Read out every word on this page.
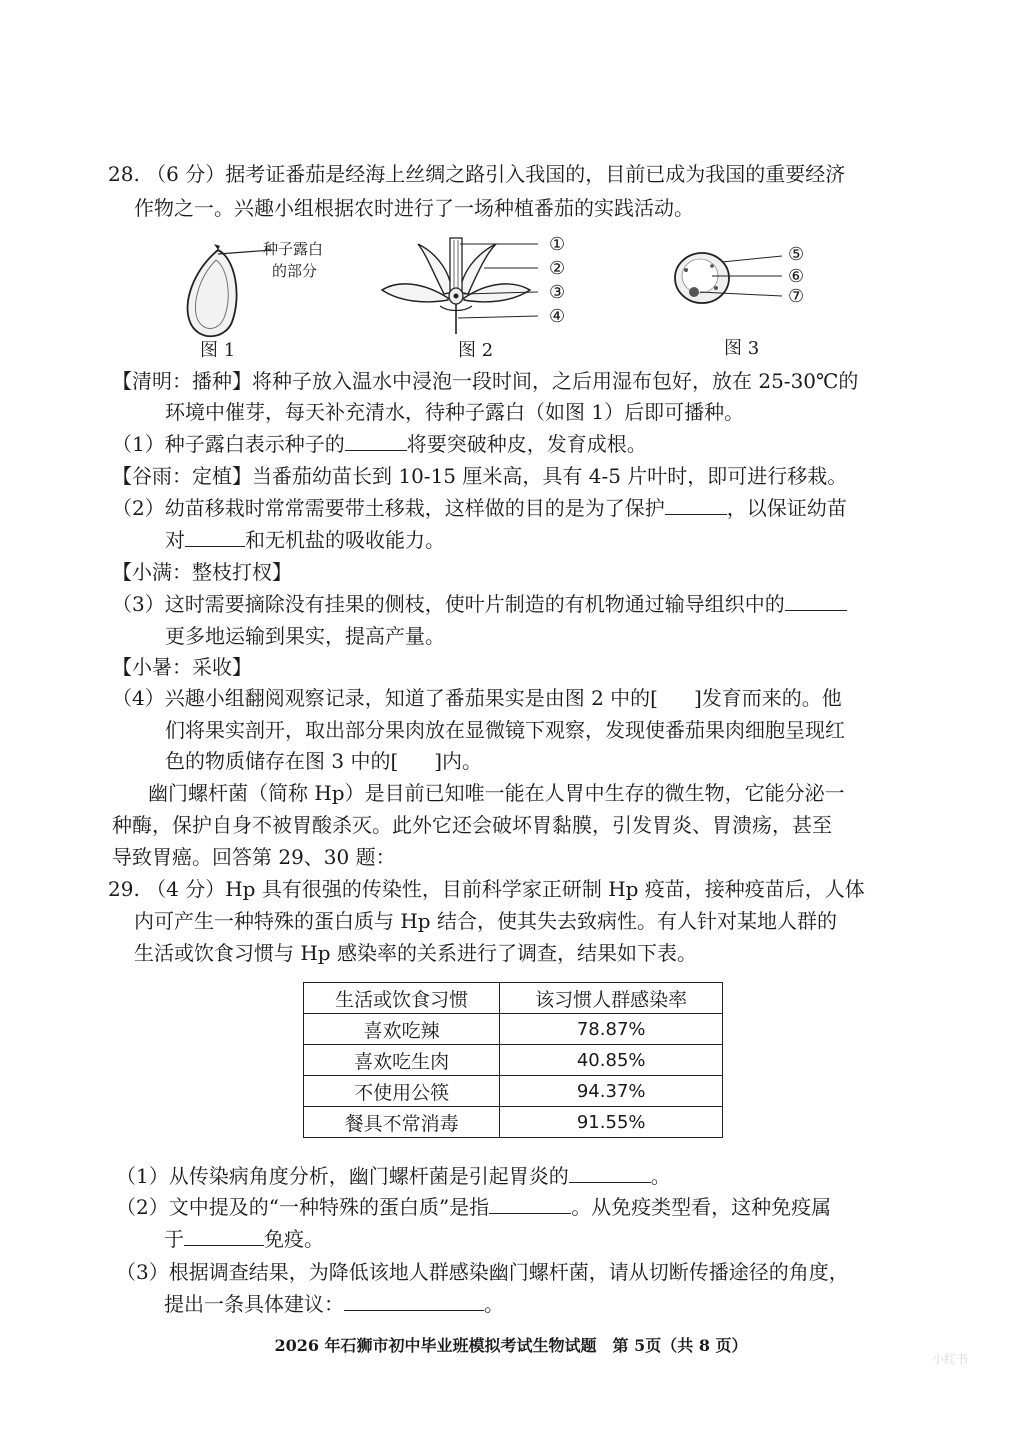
28. （6 分）据考证番茄是经海上丝绸之路引入我国的，目前已成为我国的重要经济
作物之一。兴趣小组根据农时进行了一场种植番茄的实践活动。
种子露白
的部分
图 1
①
②
③
④
图 2
⑤
⑥
⑦
图 3
【清明：播种】将种子放入温水中浸泡一段时间，之后用湿布包好，放在 25-30℃的
环境中催芽，每天补充清水，待种子露白（如图 1）后即可播种。
（1）种子露白表示种子的	将要突破种皮，发育成根。
【谷雨：定植】当番茄幼苗长到 10-15 厘米高，具有 4-5 片叶时，即可进行移栽。
（2）幼苗移栽时常常需要带土移栽，这样做的目的是为了保护	，以保证幼苗
对	和无机盐的吸收能力。
【小满：整枝打杈】
（3）这时需要摘除没有挂果的侧枝，使叶片制造的有机物通过输导组织中的
更多地运输到果实，提高产量。
【小暑：采收】
（4）兴趣小组翻阅观察记录，知道了番茄果实是由图 2 中的[ ]发育而来的。他
们将果实剖开，取出部分果肉放在显微镜下观察，发现使番茄果肉细胞呈现红
色的物质储存在图 3 中的[ ]内。
幽门螺杆菌（简称 Hp）是目前已知唯一能在人胃中生存的微生物，它能分泌一
种酶，保护自身不被胃酸杀灭。此外它还会破坏胃黏膜，引发胃炎、胃溃疡，甚至
导致胃癌。回答第 29、30 题：
29. （4 分）Hp 具有很强的传染性，目前科学家正研制 Hp 疫苗，接种疫苗后，人体
内可产生一种特殊的蛋白质与 Hp 结合，使其失去致病性。有人针对某地人群的
生活或饮食习惯与 Hp 感染率的关系进行了调查，结果如下表。
生活或饮食习惯	该习惯人群感染率
喜欢吃辣	78.87%
喜欢吃生肉	40.85%
不使用公筷	94.37%
餐具不常消毒	91.55%
（1）从传染病角度分析，幽门螺杆菌是引起胃炎的	。
（2）文中提及的“一种特殊的蛋白质”是指	。从免疫类型看，这种免疫属
于	免疫。
（3）根据调查结果，为降低该地人群感染幽门螺杆菌，请从切断传播途径的角度，
提出一条具体建议：	。
2026 年石狮市初中毕业班模拟考试生物试题　第 5页（共 8 页）
小红书
